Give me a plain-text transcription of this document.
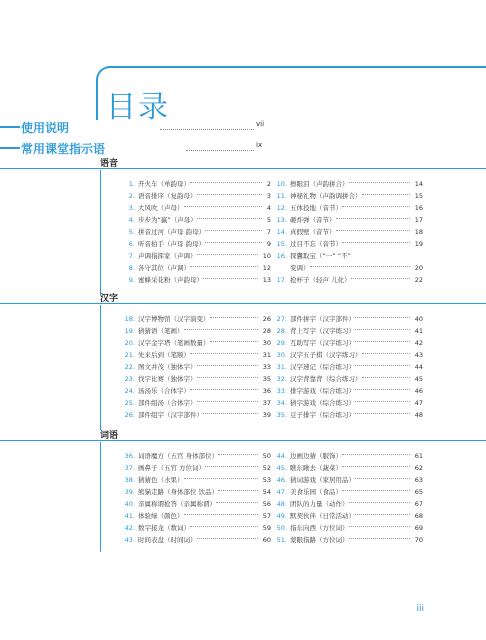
目录
使用说明	vii
常用课堂指示语	ix
语音
1. 开火车（单韵母）	2
2. 语音排序（复韵母）	3
3. 大风吹（声母）	4
4. 步步为“赢”（声母）	5
5. 拼音过河（声母 韵母）	7
6. 听音拍手（声母 韵母）	9
7. 声调指挥家（声调）	10
8. 各守其位（声调）	12
9. 蜜蜂采花粉（声韵母）	13
10. 擦眼泪（声韵拼合）	14
11. 神秘礼物（声韵调拼合）	15
12. 五体投地（音节）	16
13. 砸炸弹（音节）	17
14. 真假壁（音节）	18
15. 过目不忘（音节）	19
16. 探囊取宝（“一” “不”
变调）	20
17. 抢杯子（轻声 儿化）	22
汉字
18. 汉字博物馆（汉字演变）	26
19. 猜猜语（笔画）	28
20. 汉字金字塔（笔画数量）	30
21. 先来后到（笔顺）	31
22. 图文并茂（独体字）	33
23. 找字比赛（独体字）	35
24. 汤汤乐（合体字）	36
25. 部件组汤（合体字）	37
26. 部件组字（汉字部件）	39
27. 部件拼字（汉字部件）	40
28. 背上写字（汉字练习）	41
29. 互助写字（汉字练习）	42
30. 汉字五子棋（汉字练习）	43
31. 汉字速记（综合练习）	44
32. 汉字背靠背（综合练习）	45
33. 排字游戏（综合练习）	46
34. 猜字游戏（综合练习）	47
35. 豆子排字（综合练习）	48
词语
36. 词语魔方（五官 身体部位）	50
37. 画鼻子（五官 方位词）	52
38. 猜猜色（水果）	53
39. 熊猫走路（身体部位 饮品）	54
40. 亲属称谓抢答（亲属称谓）	56
41. 体验绿（颜色）	57
42. 数字接龙（数词）	59
43. 时间表盘（时间词）	60
44. 边画边猜（服饰）	61
45. 瞧东瞅去（蔬菜）	62
46. 猜词游戏（家居用品）	63
47. 美食乐园（食品）	65
48. 团队的力量（动作）	67
49. 默契伙伴（日常活动）	68
50. 指东向西（方位词）	69
51. 蒙眼指路（方位词）	70
iii
